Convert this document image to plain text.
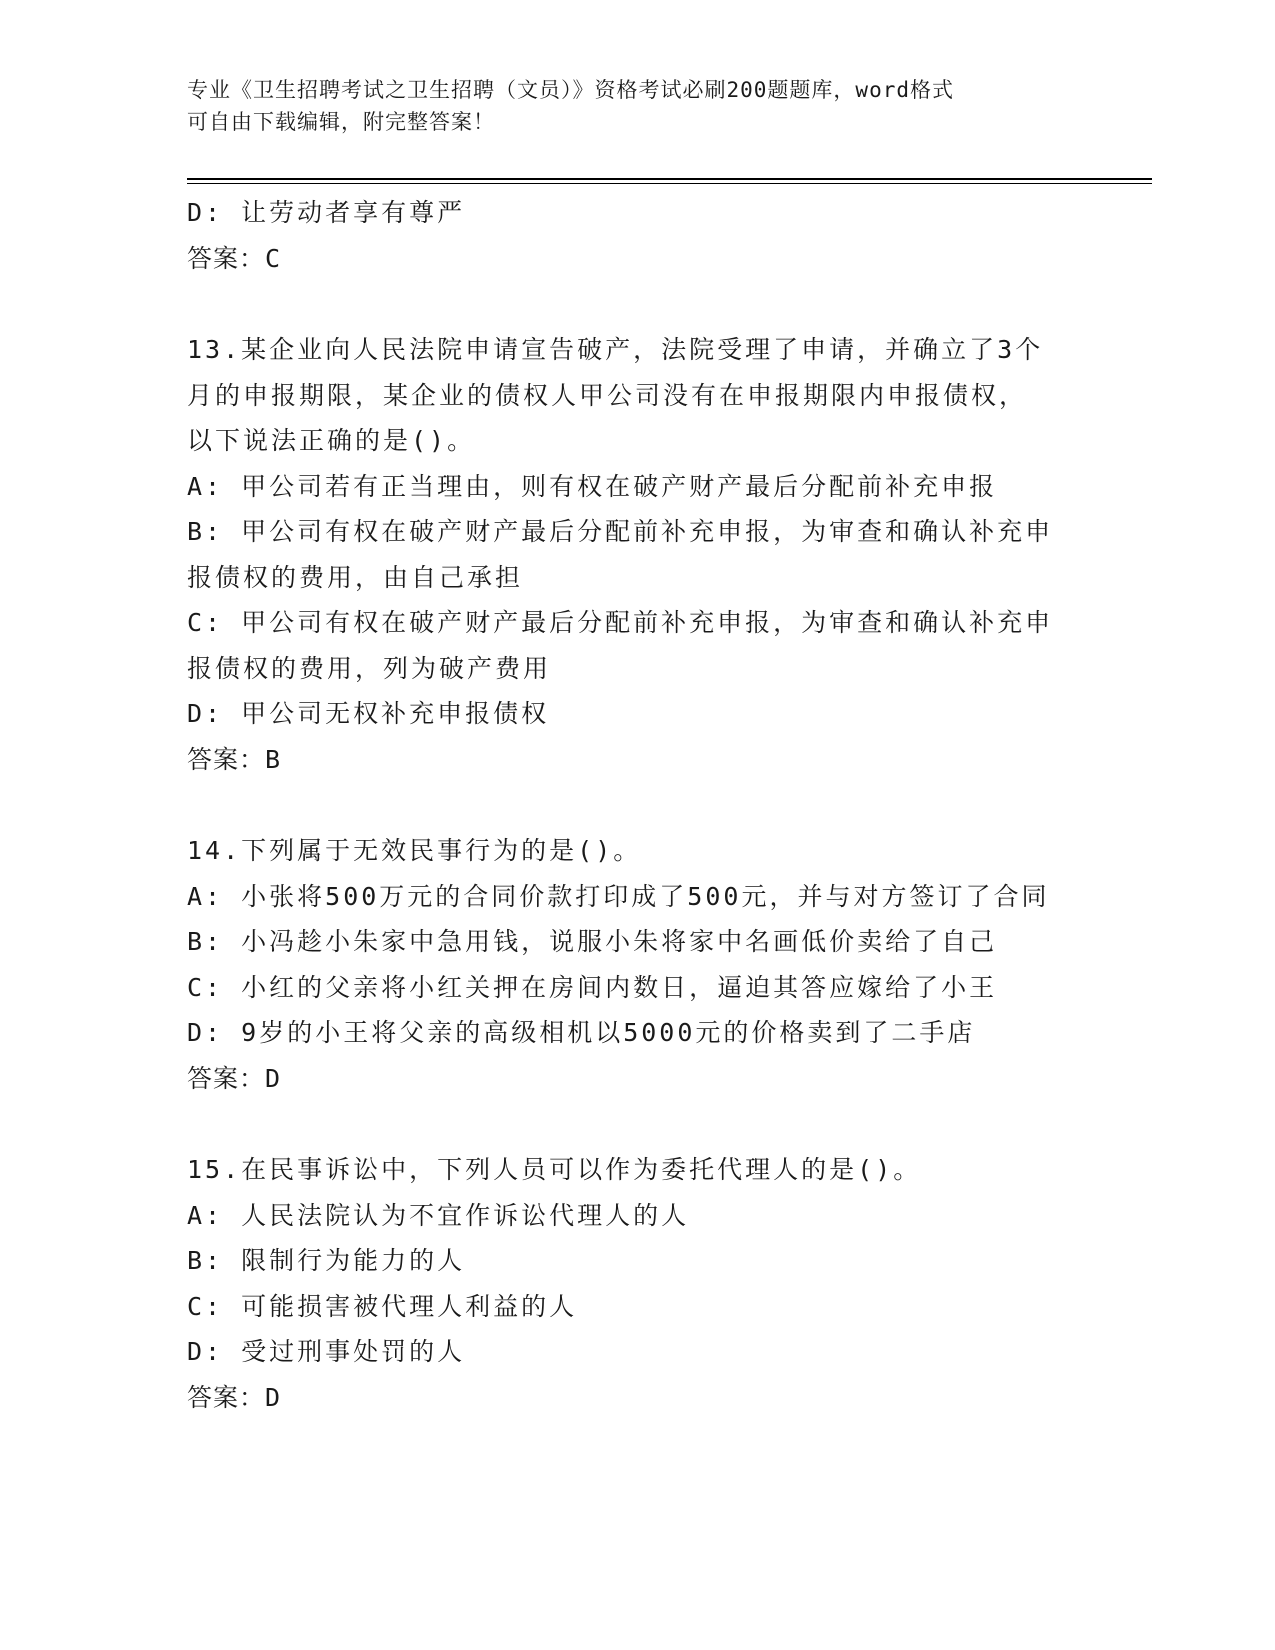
专业《卫生招聘考试之卫生招聘（文员）》资格考试必刷200题题库，word格式
可自由下载编辑，附完整答案！

D: 让劳动者享有尊严

答案：C

13.某企业向人民法院申请宣告破产，法院受理了申请，并确立了3个

月的申报期限，某企业的债权人甲公司没有在申报期限内申报债权，

以下说法正确的是()。

A: 甲公司若有正当理由，则有权在破产财产最后分配前补充申报

B: 甲公司有权在破产财产最后分配前补充申报，为审查和确认补充申

报债权的费用，由自己承担

C: 甲公司有权在破产财产最后分配前补充申报，为审查和确认补充申

报债权的费用，列为破产费用

D: 甲公司无权补充申报债权

答案：B

14.下列属于无效民事行为的是()。

A: 小张将500万元的合同价款打印成了500元，并与对方签订了合同

B: 小冯趁小朱家中急用钱，说服小朱将家中名画低价卖给了自己

C: 小红的父亲将小红关押在房间内数日，逼迫其答应嫁给了小王

D: 9岁的小王将父亲的高级相机以5000元的价格卖到了二手店

答案：D

15.在民事诉讼中，下列人员可以作为委托代理人的是()。

A: 人民法院认为不宜作诉讼代理人的人

B: 限制行为能力的人

C: 可能损害被代理人利益的人

D: 受过刑事处罚的人

答案：D
